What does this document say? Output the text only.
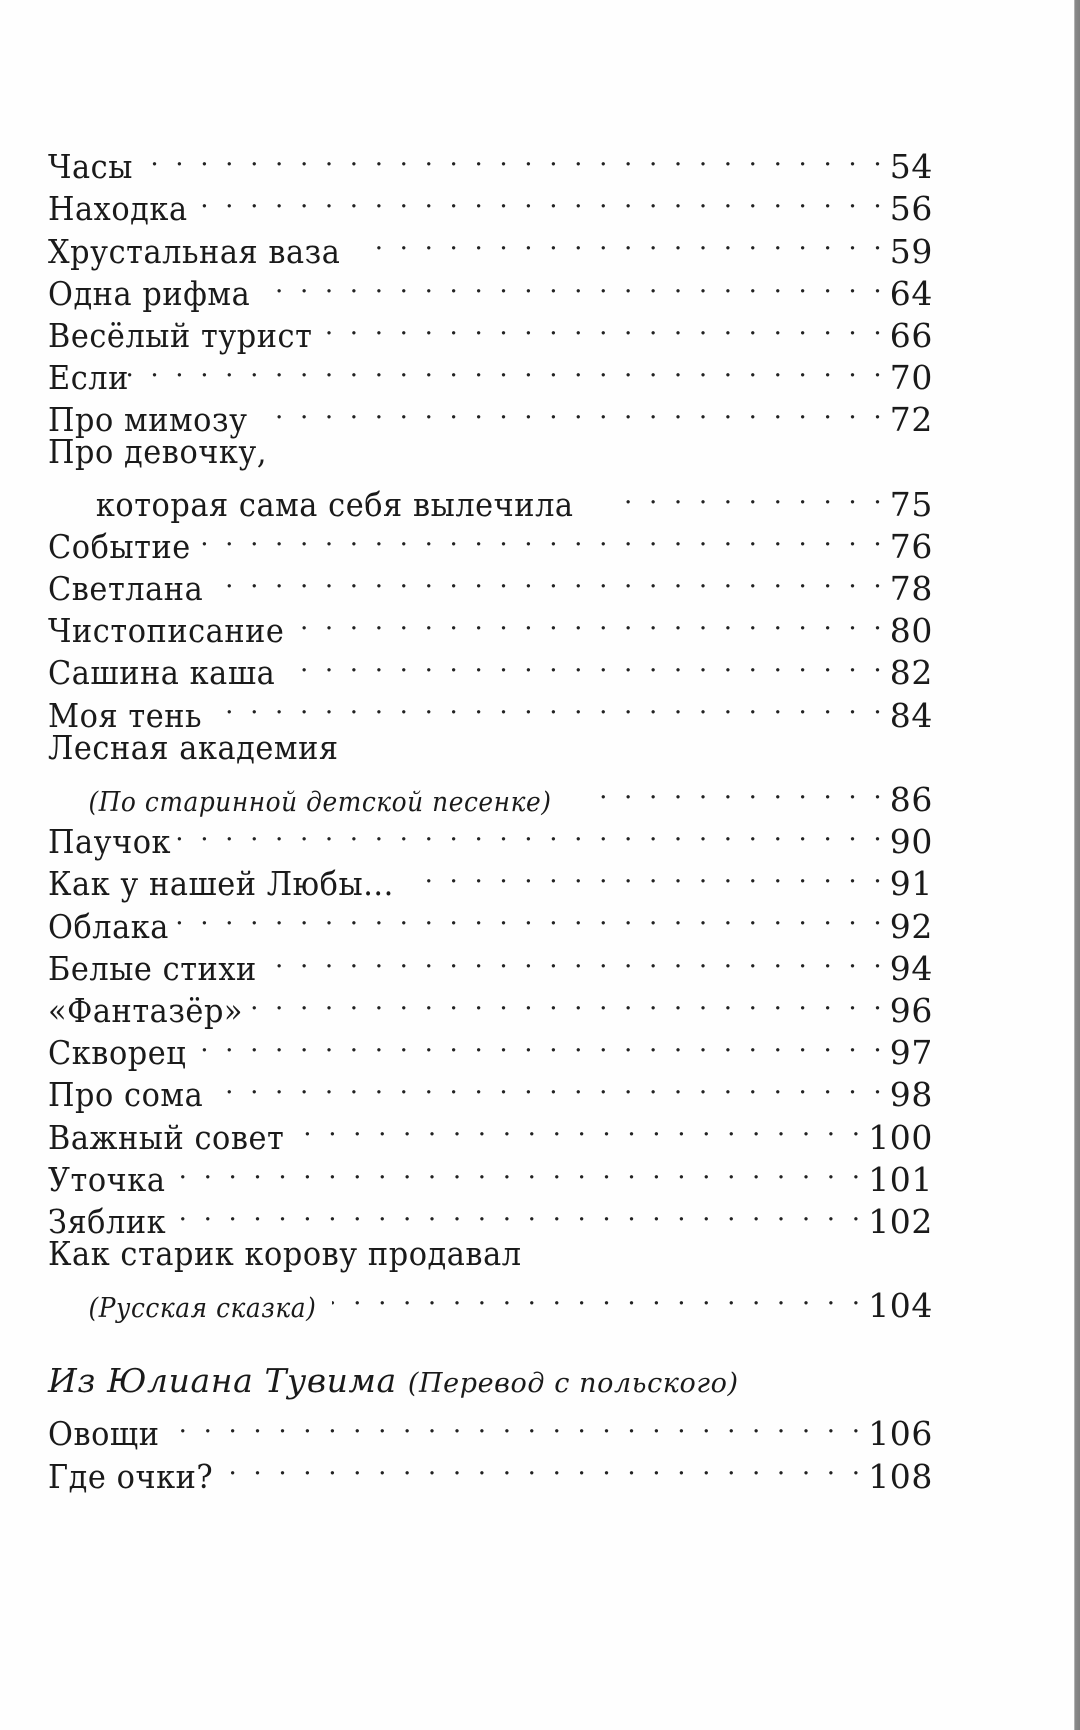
Часы . . .	54
Находка . . .	56
Хрустальная ваза . . .	59
Одна рифма . . .	64
Весёлый турист . . .	66
Если . . .	70
Про мимозу . . .	72
Про девочку,
которая сама себя вылечила . . .	75
Событие . . .	76
Светлана . . .	78
Чистописание . . .	80
Сашина каша . . .	82
Моя тень . . .	84
Лесная академия
(По старинной детской песенке) . . .	86
Паучок . . .	90
Как у нашей Любы... . . .	91
Облака . . .	92
Белые стихи . . .	94
«Фантазёр» . . .	96
Скворец . . .	97
Про сома . . .	98
Важный совет . . .	100
Уточка . . .	101
Зяблик . . .	102
Как старик корову продавал
(Русская сказка) . . .	104
Из Юлиана Тувима (Перевод с польского)
Овощи . . .	106
Где очки? . . .	108
